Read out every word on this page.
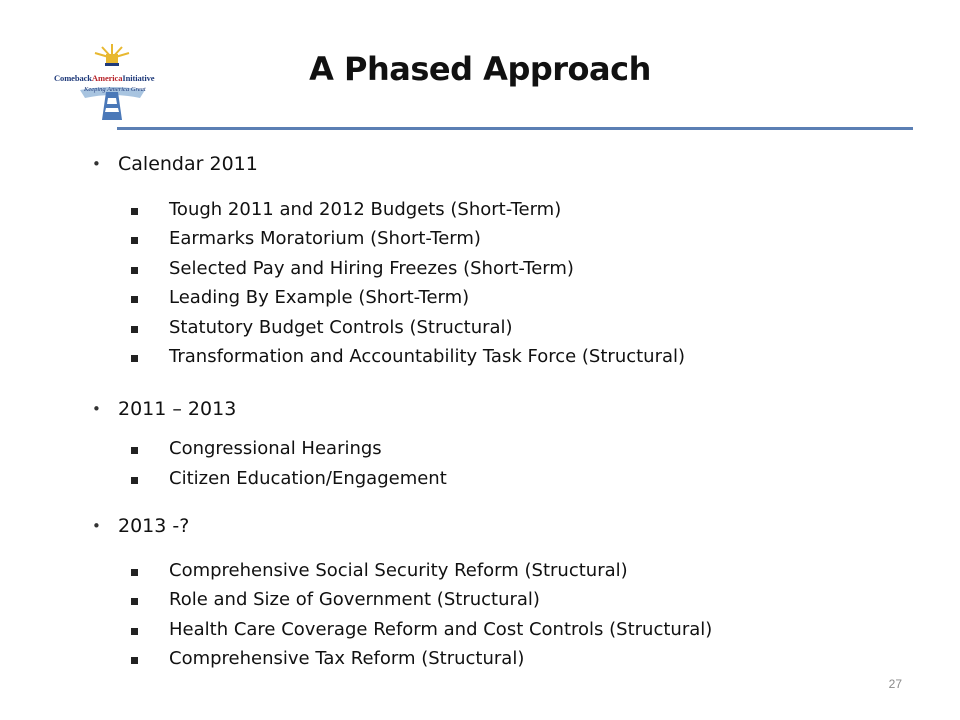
ComebackAmericaInitiative
Keeping America Great
A Phased Approach
• Calendar 2011
Tough 2011 and 2012 Budgets (Short-Term)
Earmarks Moratorium (Short-Term)
Selected Pay and Hiring Freezes (Short-Term)
Leading By Example (Short-Term)
Statutory Budget Controls (Structural)
Transformation and Accountability Task Force (Structural)
• 2011 – 2013
Congressional Hearings
Citizen Education/Engagement
• 2013 -?
Comprehensive Social Security Reform (Structural)
Role and Size of Government (Structural)
Health Care Coverage Reform and Cost Controls (Structural)
Comprehensive Tax Reform (Structural)
27
